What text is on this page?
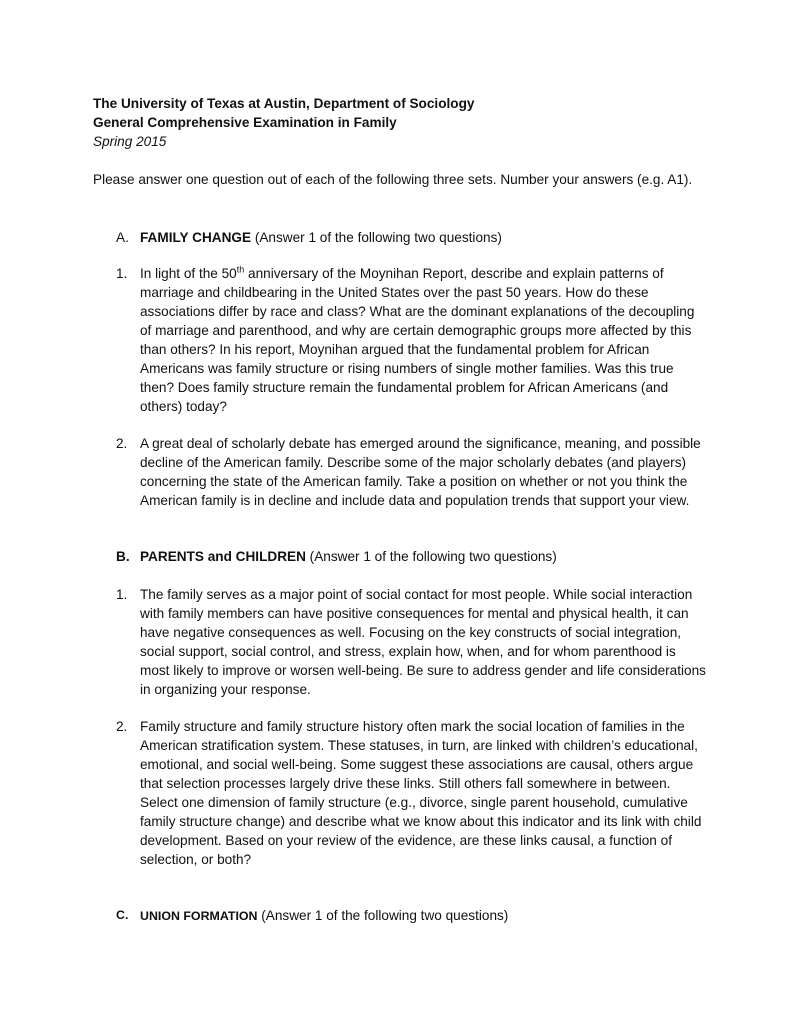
The University of Texas at Austin, Department of Sociology
General Comprehensive Examination in Family
Spring 2015
Please answer one question out of each of the following three sets. Number your answers (e.g. A1).
A. FAMILY CHANGE (Answer 1 of the following two questions)
1. In light of the 50th anniversary of the Moynihan Report, describe and explain patterns of marriage and childbearing in the United States over the past 50 years. How do these associations differ by race and class? What are the dominant explanations of the decoupling of marriage and parenthood, and why are certain demographic groups more affected by this than others? In his report, Moynihan argued that the fundamental problem for African Americans was family structure or rising numbers of single mother families. Was this true then? Does family structure remain the fundamental problem for African Americans (and others) today?
2. A great deal of scholarly debate has emerged around the significance, meaning, and possible decline of the American family. Describe some of the major scholarly debates (and players) concerning the state of the American family. Take a position on whether or not you think the American family is in decline and include data and population trends that support your view.
B. PARENTS and CHILDREN (Answer 1 of the following two questions)
1. The family serves as a major point of social contact for most people. While social interaction with family members can have positive consequences for mental and physical health, it can have negative consequences as well. Focusing on the key constructs of social integration, social support, social control, and stress, explain how, when, and for whom parenthood is most likely to improve or worsen well-being. Be sure to address gender and life considerations in organizing your response.
2. Family structure and family structure history often mark the social location of families in the American stratification system. These statuses, in turn, are linked with children’s educational, emotional, and social well-being. Some suggest these associations are causal, others argue that selection processes largely drive these links. Still others fall somewhere in between. Select one dimension of family structure (e.g., divorce, single parent household, cumulative family structure change) and describe what we know about this indicator and its link with child development. Based on your review of the evidence, are these links causal, a function of selection, or both?
C. UNION FORMATION (Answer 1 of the following two questions)
